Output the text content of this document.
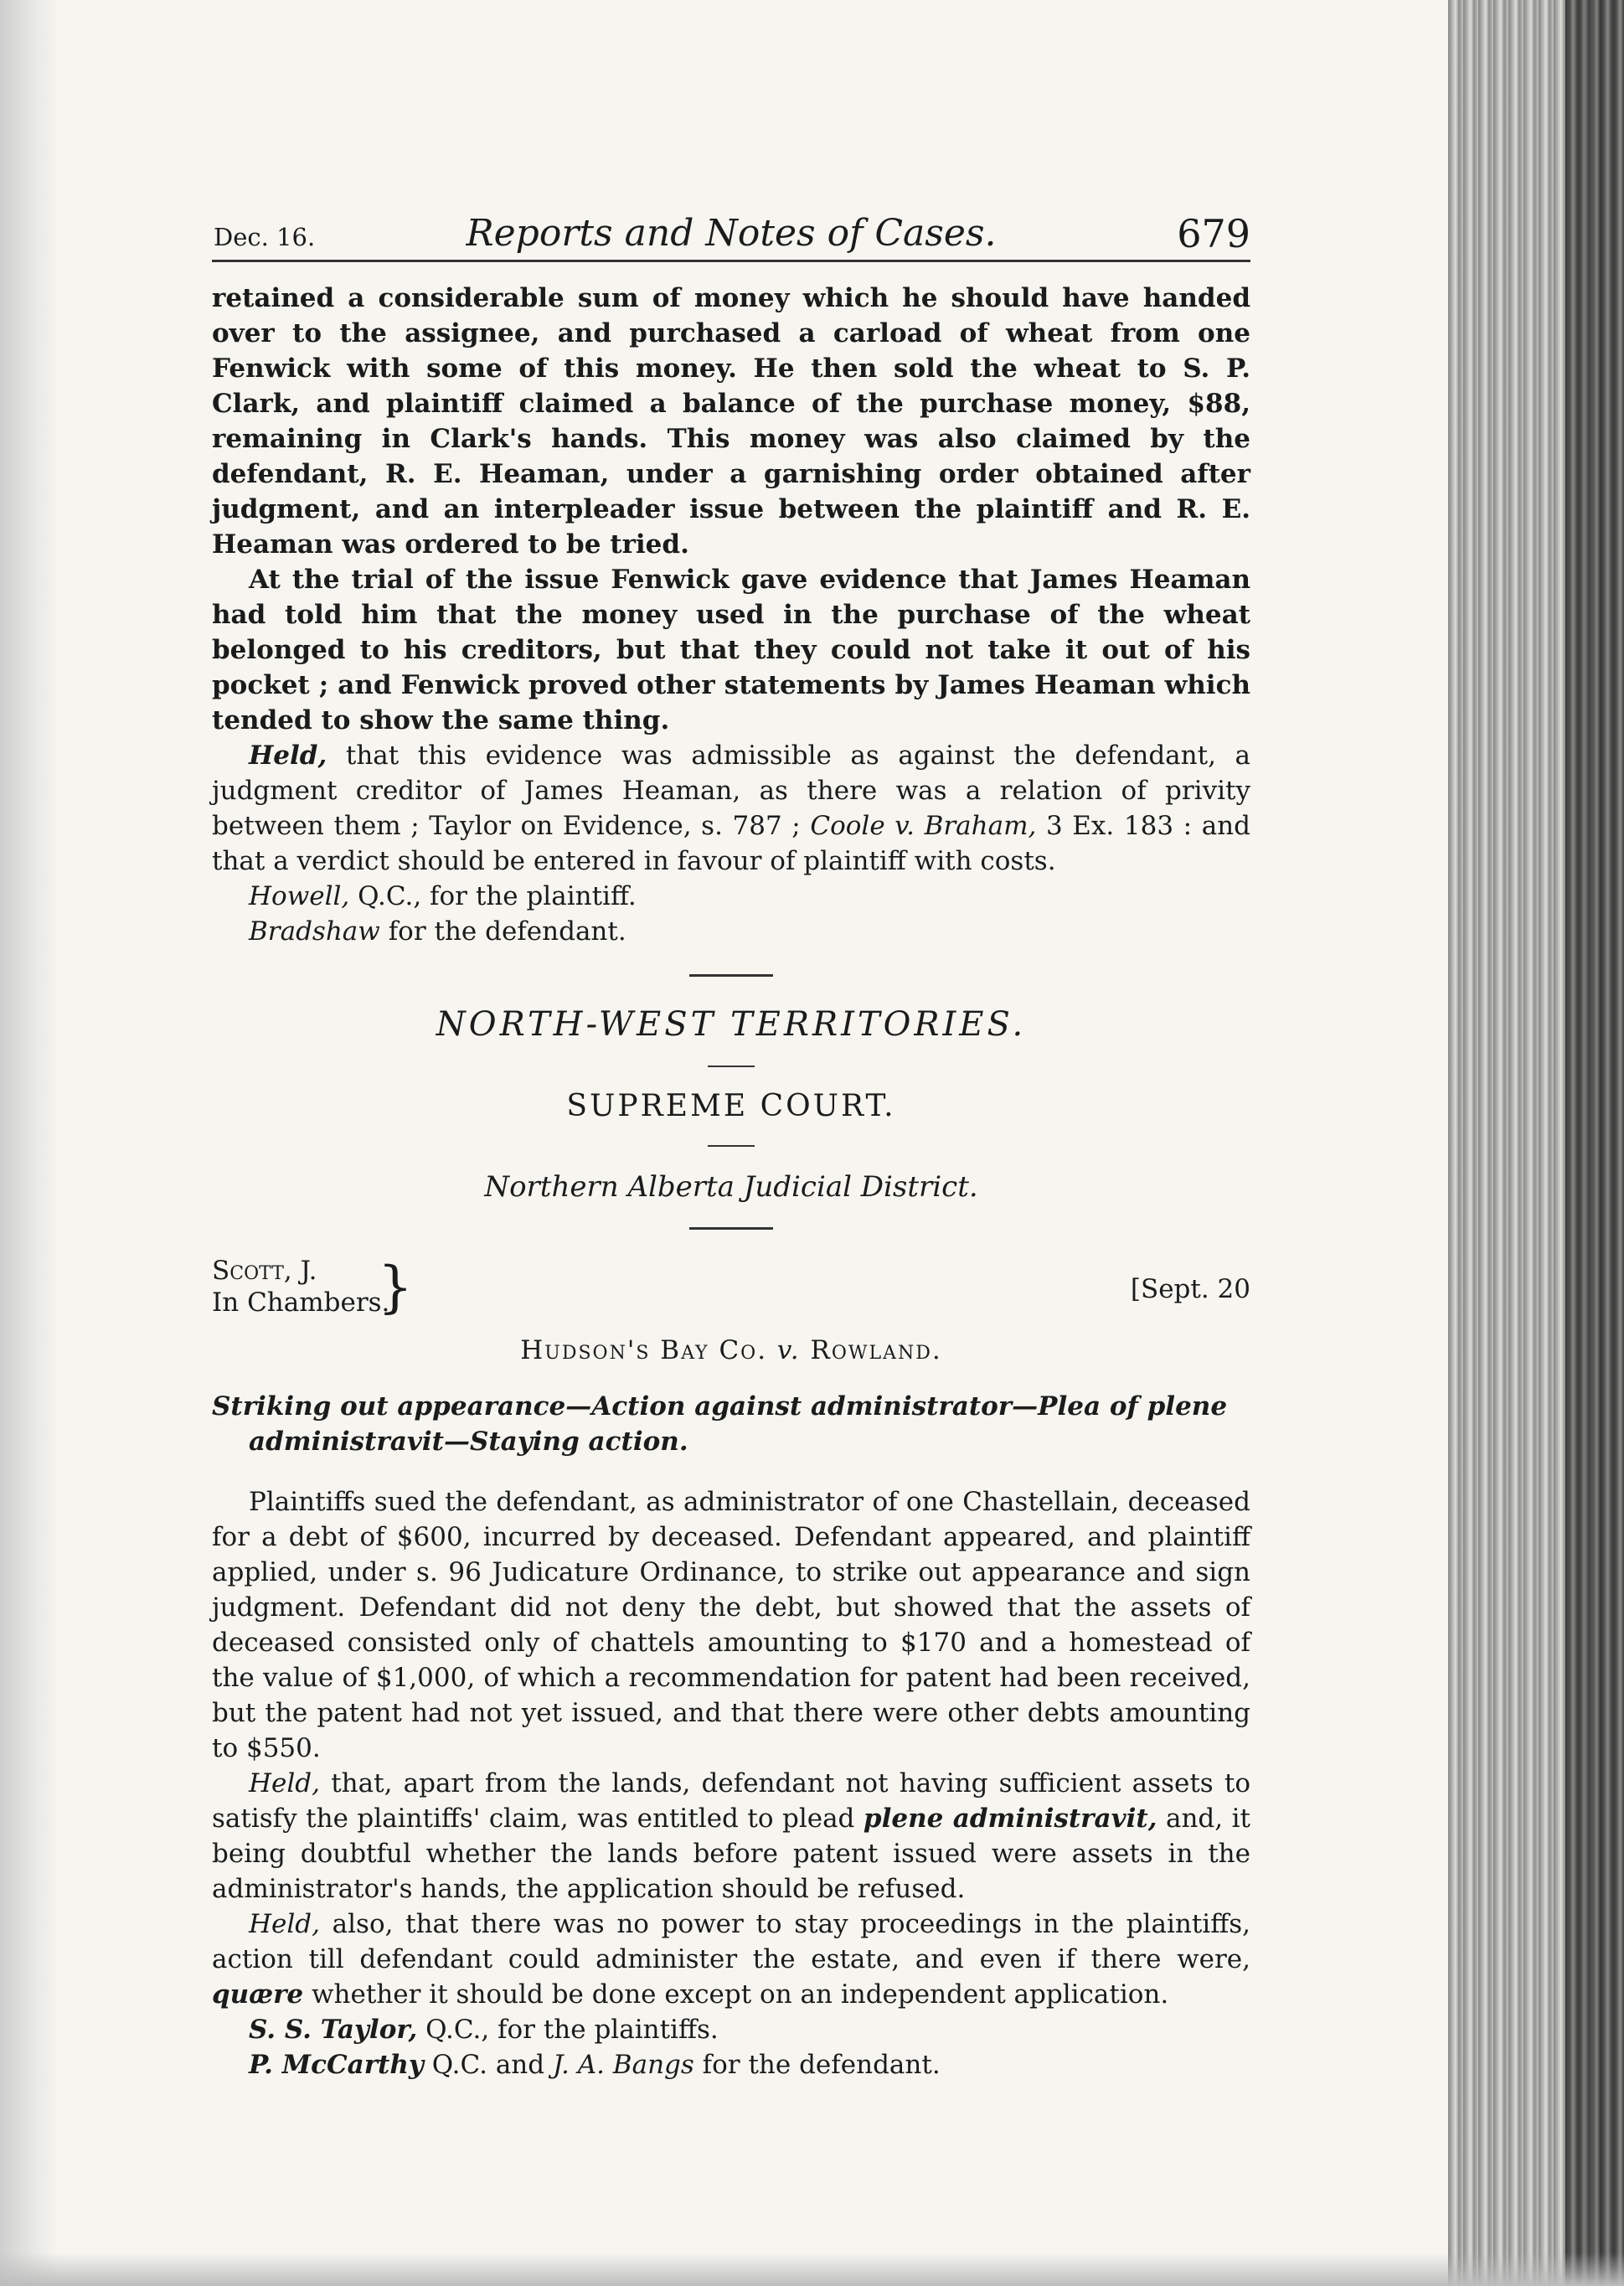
Dec. 16.	Reports and Notes of Cases.	679

retained a considerable sum of money which he should have handed over to the assignee, and purchased a carload of wheat from one Fenwick with some of this money. He then sold the wheat to S. P. Clark, and plaintiff claimed a balance of the purchase money, $88, remaining in Clark's hands. This money was also claimed by the defendant, R. E. Heaman, under a garnishing order obtained after judgment, and an interpleader issue between the plaintiff and R. E. Heaman was ordered to be tried.

At the trial of the issue Fenwick gave evidence that James Heaman had told him that the money used in the purchase of the wheat belonged to his creditors, but that they could not take it out of his pocket ; and Fenwick proved other statements by James Heaman which tended to show the same thing.

Held, that this evidence was admissible as against the defendant, a judgment creditor of James Heaman, as there was a relation of privity between them ; Taylor on Evidence, s. 787 ; Coole v. Braham, 3 Ex. 183 : and that a verdict should be entered in favour of plaintiff with costs.

Howell, Q.C., for the plaintiff.

Bradshaw for the defendant.

NORTH-WEST TERRITORIES.
SUPREME COURT.
Northern Alberta Judicial District.
Scott, J.
In Chambers.
}	[Sept. 20
Hudson's Bay Co. v. Rowland.

Striking out appearance—Action against administrator—Plea of plene administravit—Staying action.

Plaintiffs sued the defendant, as administrator of one Chastellain, deceased for a debt of $600, incurred by deceased. Defendant appeared, and plaintiff applied, under s. 96 Judicature Ordinance, to strike out appearance and sign judgment. Defendant did not deny the debt, but showed that the assets of deceased consisted only of chattels amounting to $170 and a homestead of the value of $1,000, of which a recommendation for patent had been received, but the patent had not yet issued, and that there were other debts amounting to $550.

Held, that, apart from the lands, defendant not having sufficient assets to satisfy the plaintiffs' claim, was entitled to plead plene administravit, and, it being doubtful whether the lands before patent issued were assets in the administrator's hands, the application should be refused.

Held, also, that there was no power to stay proceedings in the plaintiffs, action till defendant could administer the estate, and even if there were, quære whether it should be done except on an independent application.

S. S. Taylor, Q.C., for the plaintiffs.

P. McCarthy Q.C. and J. A. Bangs for the defendant.
